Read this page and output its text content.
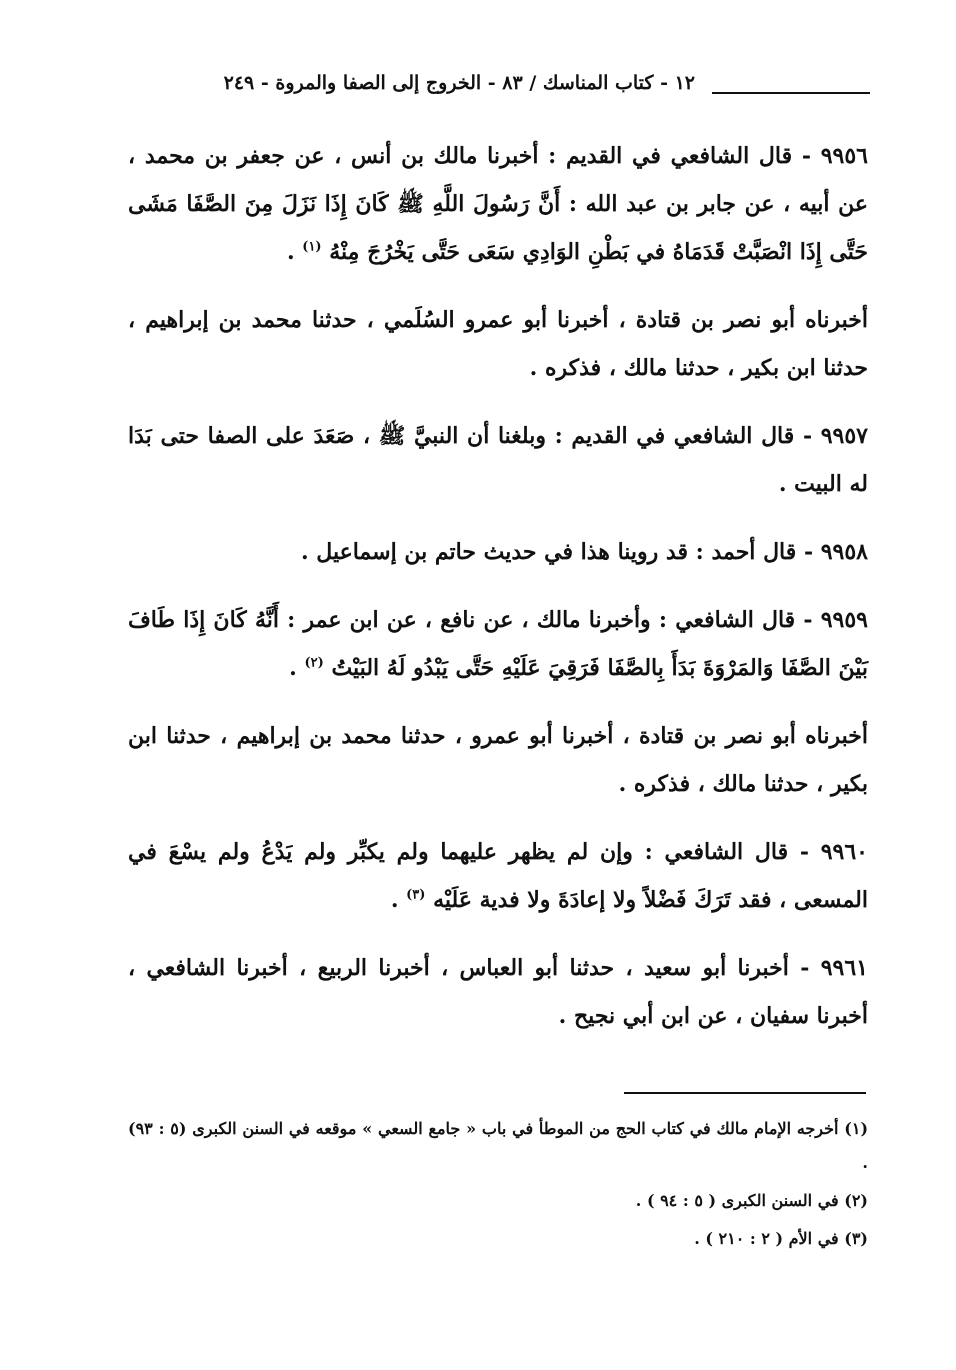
١٢ - كتاب المناسك / ٨٣ - الخروج إلى الصفا والمروة - ٢٤٩

٩٩٥٦ - قال الشافعي في القديم : أخبرنا مالك بن أنس ، عن جعفر بن محمد ، عن أبيه ، عن جابر بن عبد الله : أَنَّ رَسُولَ اللَّهِ ﷺ كَانَ إِذَا نَزَلَ مِنَ الصَّفَا مَشَى حَتَّى إِذَا انْصَبَّتْ قَدَمَاهُ في بَطْنِ الوَادِي سَعَى حَتَّى يَخْرُجَ مِنْهُ $^{(١)}$ .

أخبرناه أبو نصر بن قتادة ، أخبرنا أبو عمرو السُلَمي ، حدثنا محمد بن إبراهيم ، حدثنا ابن بكير ، حدثنا مالك ، فذكره .

٩٩٥٧ - قال الشافعي في القديم : وبلغنا أن النبيَّ ﷺ ، صَعَدَ على الصفا حتى بَدَا له البيت .

٩٩٥٨ - قال أحمد : قد روينا هذا في حديث حاتم بن إسماعيل .

٩٩٥٩ - قال الشافعي : وأخبرنا مالك ، عن نافع ، عن ابن عمر : أَنَّهُ كَانَ إِذَا طَافَ بَيْنَ الصَّفَا وَالمَرْوَةَ بَدَأَ بِالصَّفَا فَرَقِيَ عَلَيْهِ حَتَّى يَبْدُو لَهُ البَيْتُ $^{(٢)}$ .

أخبرناه أبو نصر بن قتادة ، أخبرنا أبو عمرو ، حدثنا محمد بن إبراهيم ، حدثنا ابن بكير ، حدثنا مالك ، فذكره .

٩٩٦٠ - قال الشافعي : وإن لم يظهر عليهما ولم يكبِّر ولم يَدْعُ ولم يسْعَ في المسعى ، فقد تَرَكَ فَضْلاً ولا إعادَةَ ولا فدية عَلَيْه $^{(٣)}$ .

٩٩٦١ - أخبرنا أبو سعيد ، حدثنا أبو العباس ، أخبرنا الربيع ، أخبرنا الشافعي ، أخبرنا سفيان ، عن ابن أبي نجيح .

(١) أخرجه الإمام مالك في كتاب الحج من الموطأ في باب « جامع السعي » موقعه في السنن الكبرى (٥ : ٩٣) .

(٢) في السنن الكبرى ( ٥ : ٩٤ ) .

(٣) في الأم ( ٢ : ٢١٠ ) .
